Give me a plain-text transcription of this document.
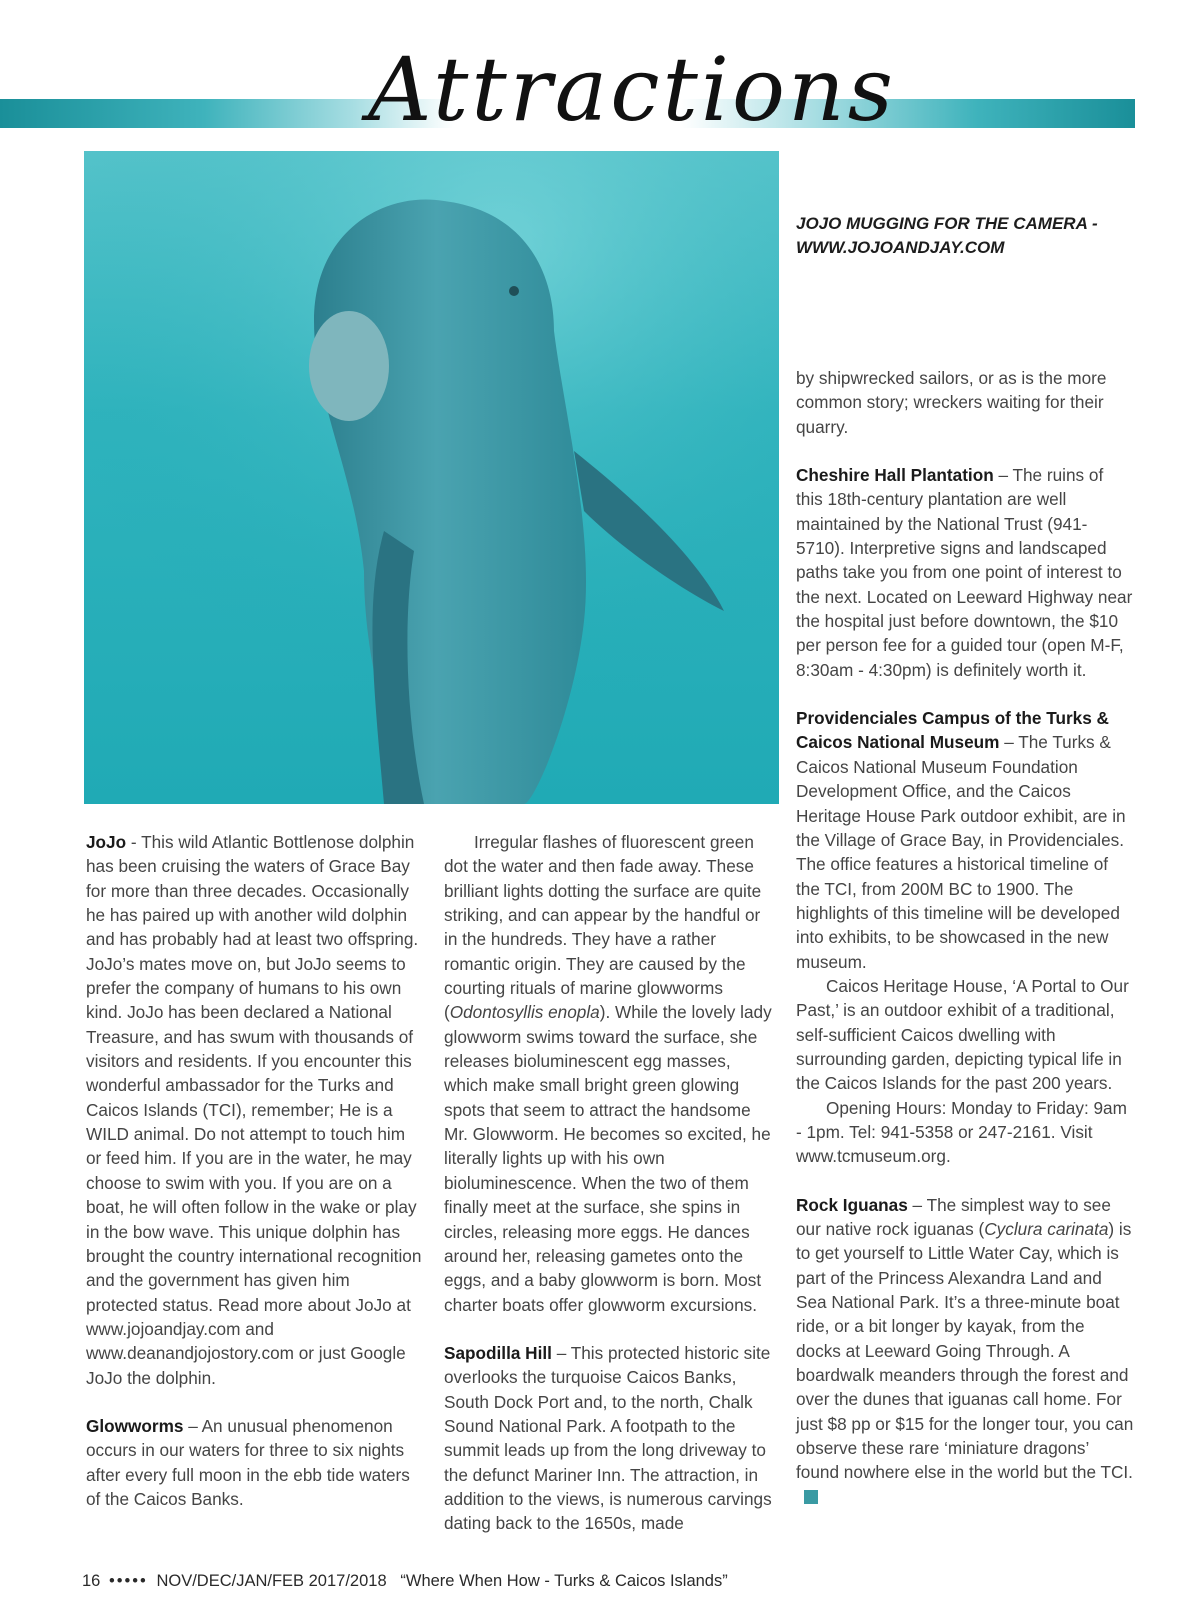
Attractions
JOJO MUGGING FOR THE CAMERA - WWW.JOJOANDJAY.COM

JoJo - This wild Atlantic Bottlenose dolphin has been cruising the waters of Grace Bay for more than three decades. Occasionally he has paired up with another wild dolphin and has probably had at least two offspring. JoJo’s mates move on, but JoJo seems to prefer the company of humans to his own kind. JoJo has been declared a National Treasure, and has swum with thousands of visitors and residents. If you encounter this wonderful ambassador for the Turks and Caicos Islands (TCI), remember; He is a WILD animal. Do not attempt to touch him or feed him. If you are in the water, he may choose to swim with you. If you are on a boat, he will often follow in the wake or play in the bow wave. This unique dolphin has brought the country international recognition and the government has given him protected status. Read more about JoJo at www.jojoandjay.com and www.deanandjojostory.com or just Google JoJo the dolphin.

Glowworms – An unusual phenomenon occurs in our waters for three to six nights after every full moon in the ebb tide waters of the Caicos Banks.

Irregular flashes of fluorescent green dot the water and then fade away. These brilliant lights dotting the surface are quite striking, and can appear by the handful or in the hundreds. They have a rather romantic origin. They are caused by the courting rituals of marine glowworms (Odontosyllis enopla). While the lovely lady glowworm swims toward the surface, she releases bioluminescent egg masses, which make small bright green glowing spots that seem to attract the handsome Mr. Glowworm. He becomes so excited, he literally lights up with his own bioluminescence. When the two of them finally meet at the surface, she spins in circles, releasing more eggs. He dances around her, releasing gametes onto the eggs, and a baby glowworm is born. Most charter boats offer glowworm excursions.

Sapodilla Hill – This protected historic site overlooks the turquoise Caicos Banks, South Dock Port and, to the north, Chalk Sound National Park. A footpath to the summit leads up from the long driveway to the defunct Mariner Inn. The attraction, in addition to the views, is numerous carvings dating back to the 1650s, made

by shipwrecked sailors, or as is the more common story; wreckers waiting for their quarry.

Cheshire Hall Plantation – The ruins of this 18th-century plantation are well maintained by the National Trust (941-5710). Interpretive signs and landscaped paths take you from one point of interest to the next. Located on Leeward Highway near the hospital just before downtown, the $10 per person fee for a guided tour (open M-F, 8:30am - 4:30pm) is definitely worth it.

Providenciales Campus of the Turks & Caicos National Museum – The Turks & Caicos National Museum Foundation Development Office, and the Caicos Heritage House Park outdoor exhibit, are in the Village of Grace Bay, in Providenciales. The office features a historical timeline of the TCI, from 200M BC to 1900. The highlights of this timeline will be developed into exhibits, to be showcased in the new museum.

Caicos Heritage House, ‘A Portal to Our Past,’ is an outdoor exhibit of a traditional, self-sufficient Caicos dwelling with surrounding garden, depicting typical life in the Caicos Islands for the past 200 years.

Opening Hours: Monday to Friday: 9am - 1pm. Tel: 941-5358 or 247-2161. Visit www.tcmuseum.org.

Rock Iguanas – The simplest way to see our native rock iguanas (Cyclura carinata) is to get yourself to Little Water Cay, which is part of the Princess Alexandra Land and Sea National Park. It’s a three-minute boat ride, or a bit longer by kayak, from the docks at Leeward Going Through. A boardwalk meanders through the forest and over the dunes that iguanas call home. For just $8 pp or $15 for the longer tour, you can observe these rare ‘miniature dragons’ found nowhere else in the world but the TCI.

16 ••••• NOV/DEC/JAN/FEB 2017/2018 “Where When How - Turks & Caicos Islands”
